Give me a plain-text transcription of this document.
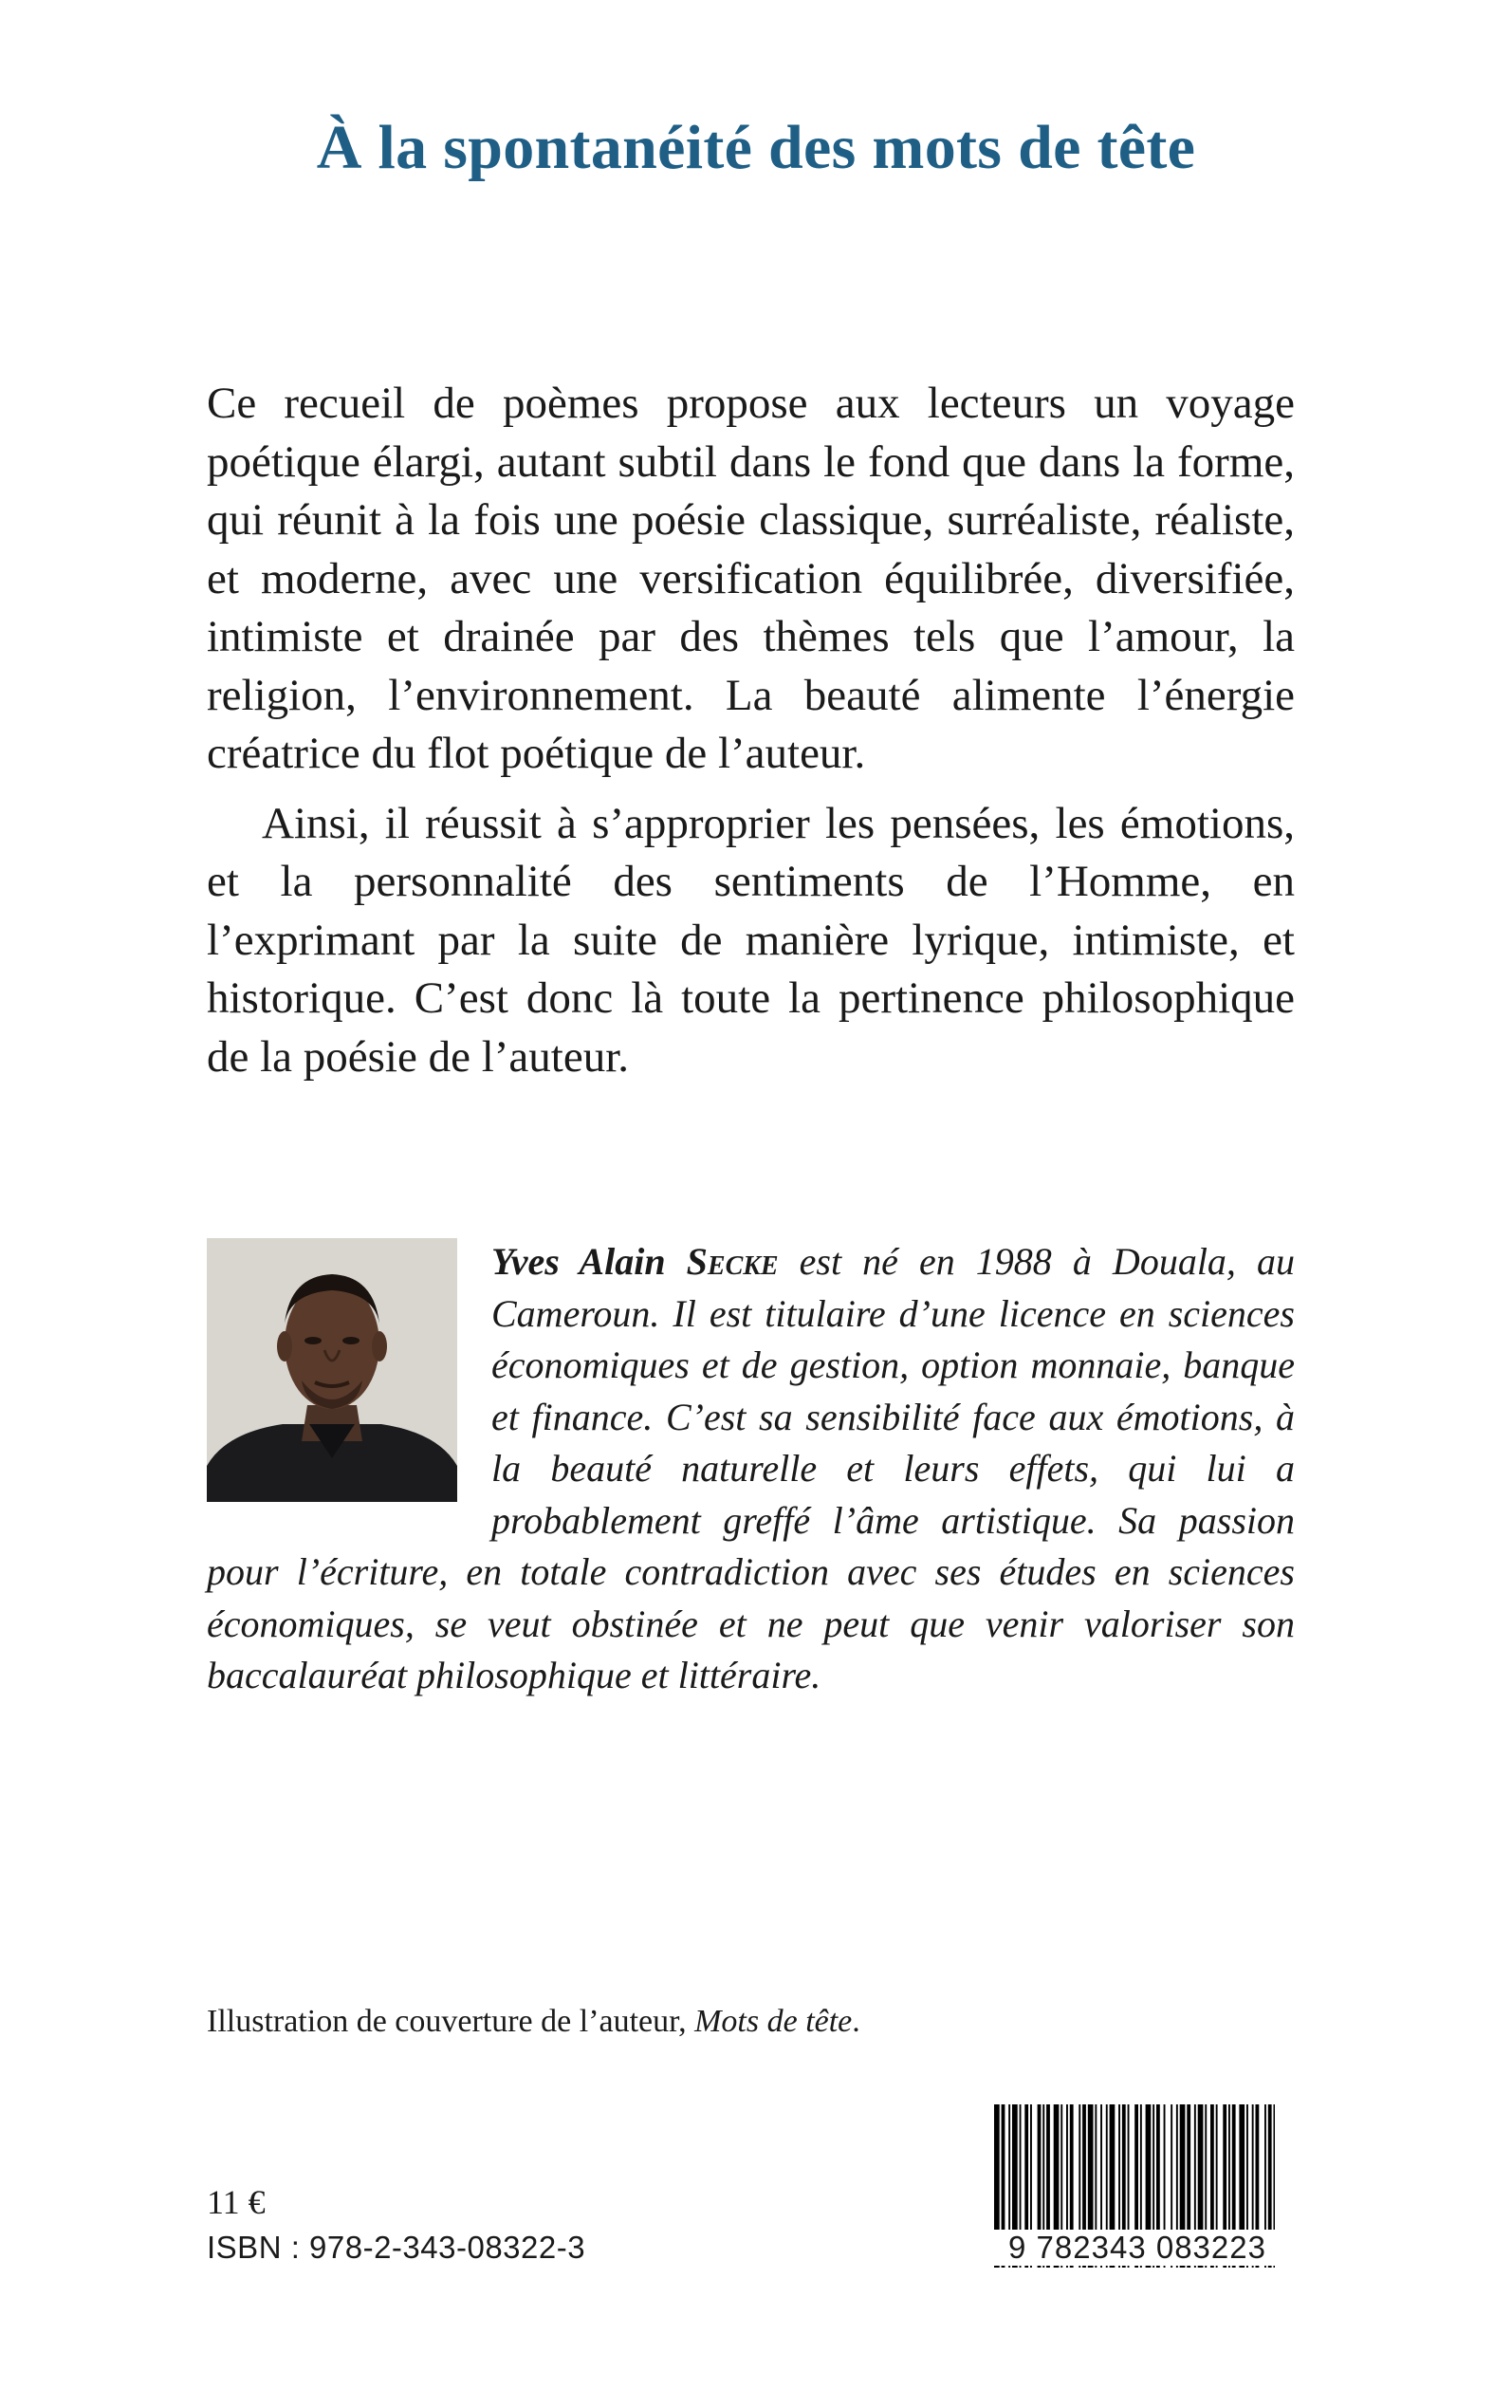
À la spontanéité des mots de tête

Ce recueil de poèmes propose aux lecteurs un voyage poétique élargi, autant subtil dans le fond que dans la forme, qui réunit à la fois une poésie classique, surréaliste, réaliste, et moderne, avec une versification équilibrée, diversifiée, intimiste et drainée par des thèmes tels que l’amour, la religion, l’environnement. La beauté alimente l’énergie créatrice du flot poétique de l’auteur.

Ainsi, il réussit à s’approprier les pensées, les émotions, et la personnalité des sentiments de l’Homme, en l’exprimant par la suite de manière lyrique, intimiste, et historique. C’est donc là toute la pertinence philosophique de la poésie de l’auteur.

Yves Alain Secke est né en 1988 à Douala, au Cameroun. Il est titulaire d’une licence en sciences économiques et de gestion, option monnaie, banque et finance. C’est sa sensibilité face aux émotions, à la beauté naturelle et leurs effets, qui lui a probablement greffé l’âme artistique. Sa passion pour l’écriture, en totale contradiction avec ses études en sciences économiques, se veut obstinée et ne peut que venir valoriser son baccalauréat philosophique et littéraire.

Illustration de couverture de l’auteur, Mots de tête.
11 €
ISBN : 978-2-343-08322-3	9 782343 083223
